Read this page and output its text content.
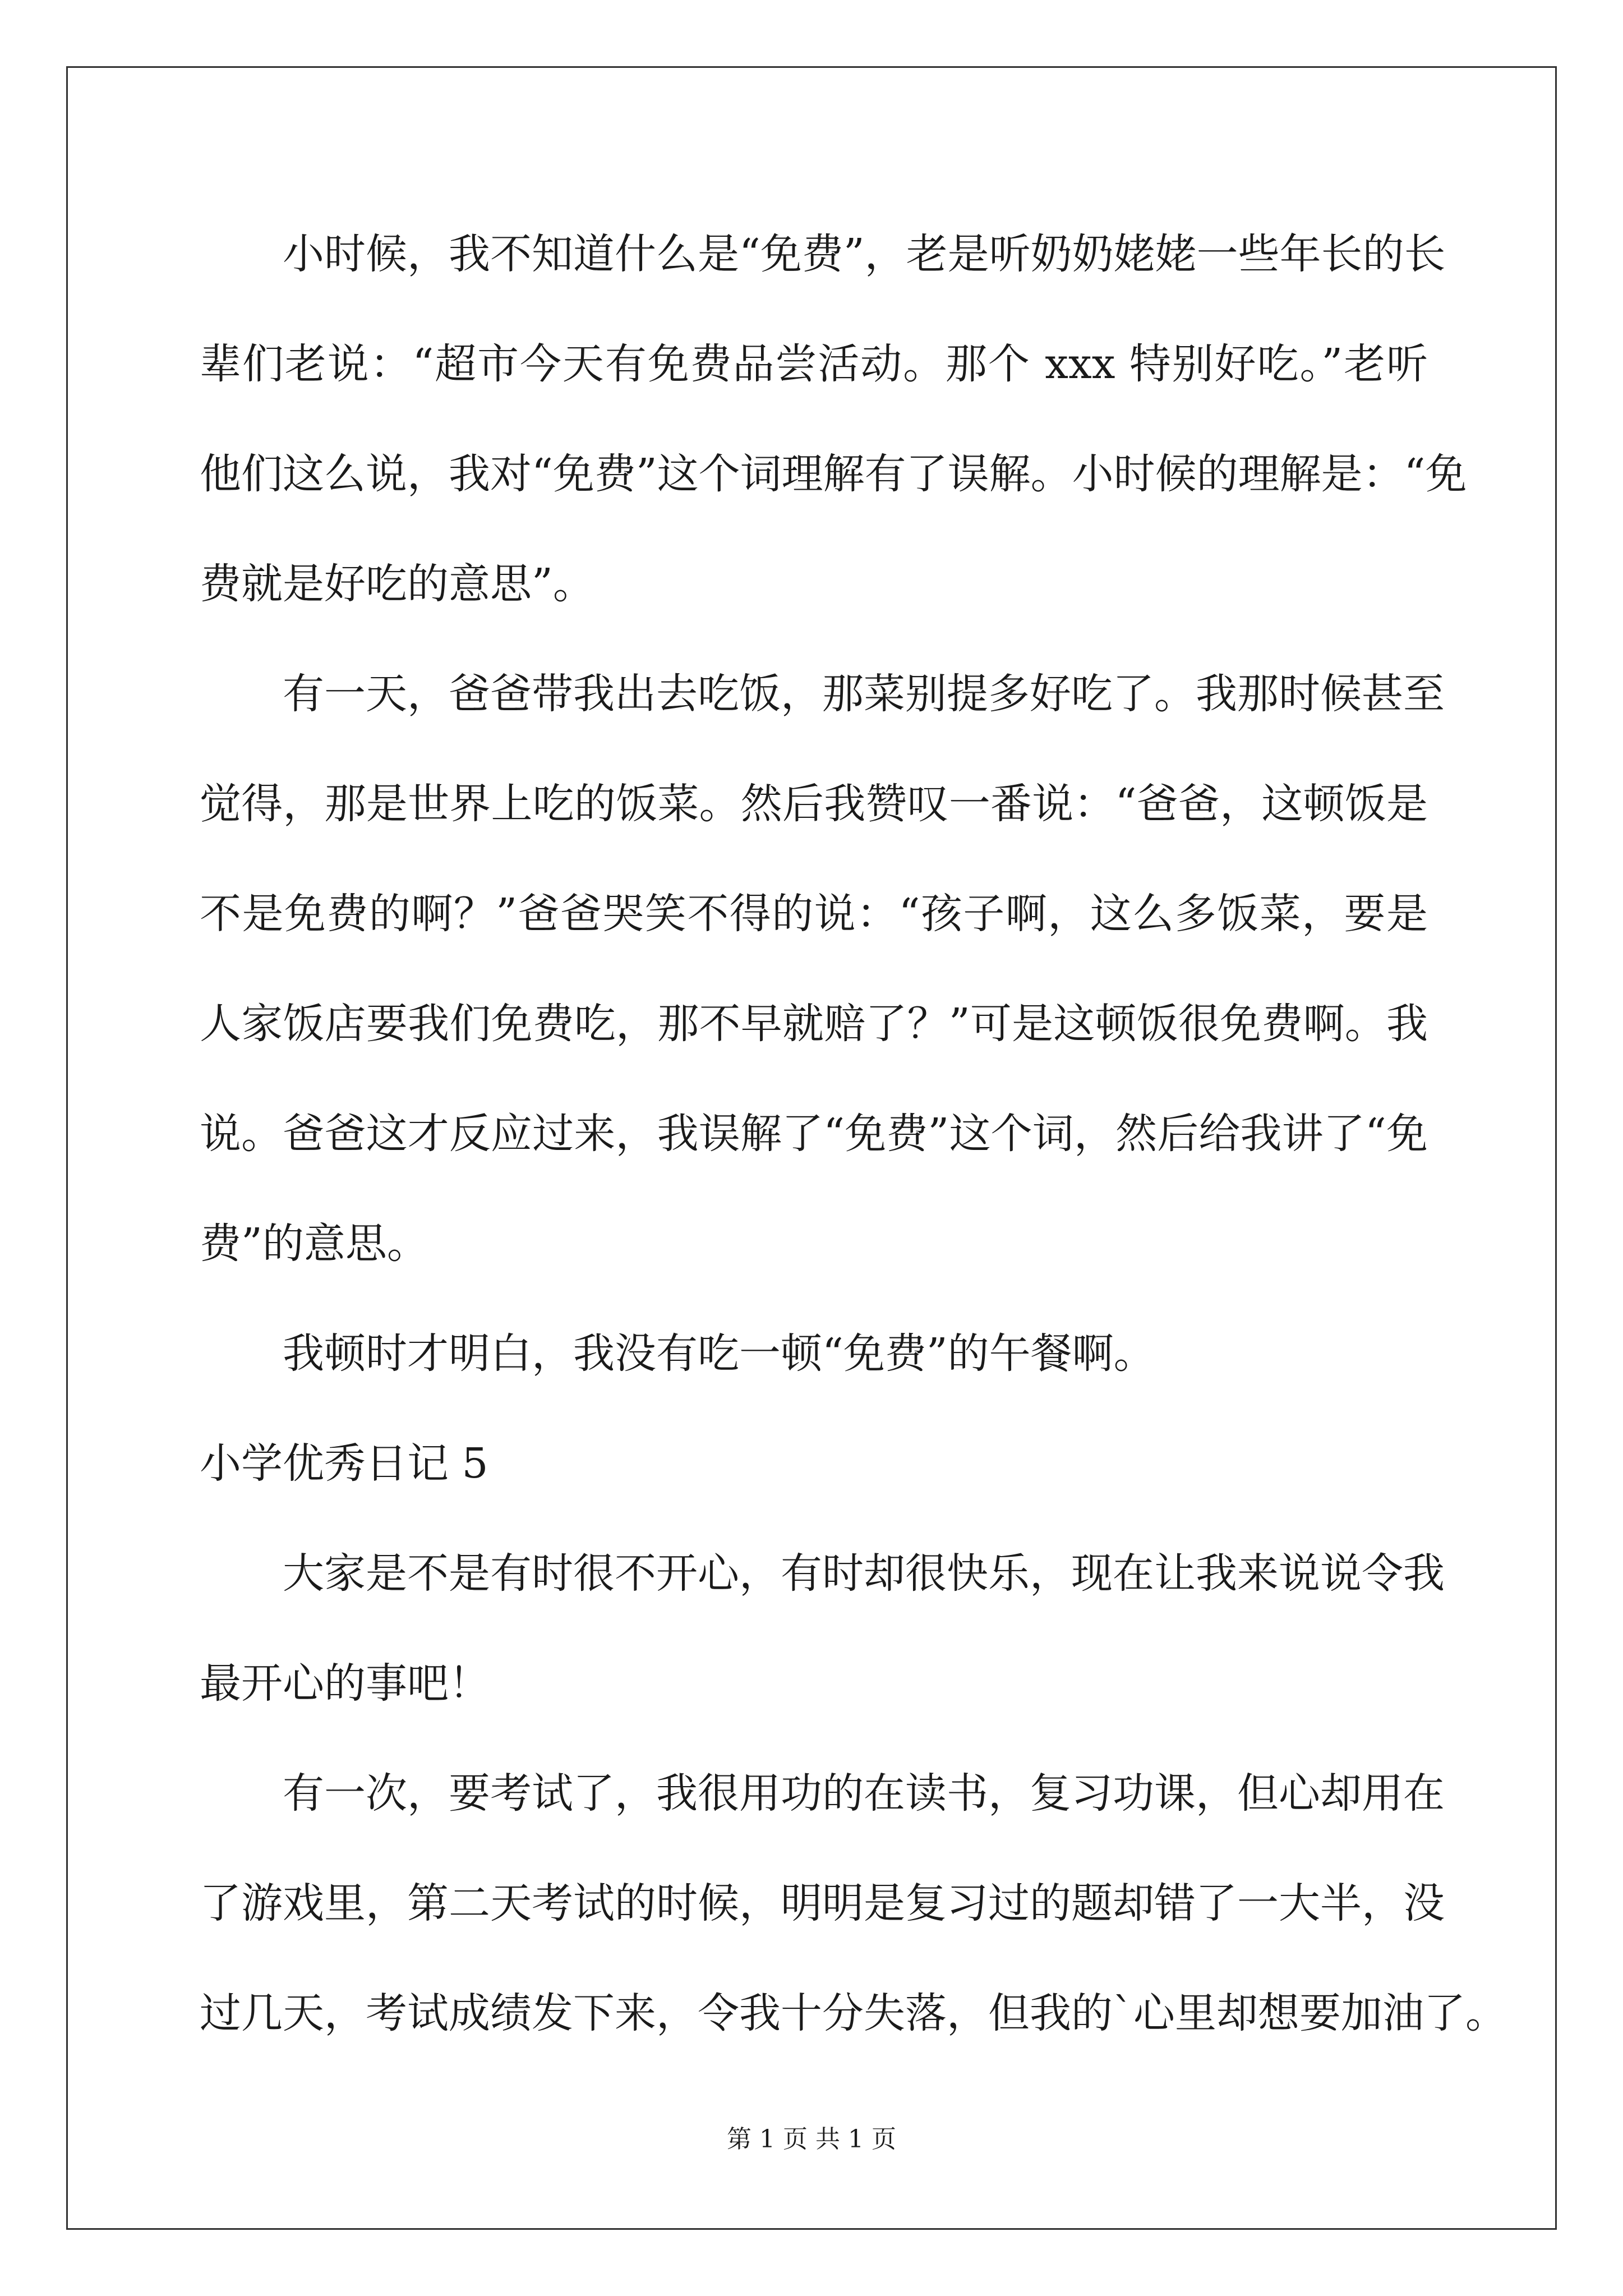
小时候，我不知道什么是“免费”，老是听奶奶姥姥一些年长的长
辈们老说：“超市今天有免费品尝活动。那个 xxx 特别好吃。”老听
他们这么说，我对“免费”这个词理解有了误解。小时候的理解是：“免
费就是好吃的意思”。
有一天，爸爸带我出去吃饭，那菜别提多好吃了。我那时候甚至
觉得，那是世界上吃的饭菜。然后我赞叹一番说：“爸爸，这顿饭是
不是免费的啊？”爸爸哭笑不得的说：“孩子啊，这么多饭菜，要是
人家饭店要我们免费吃，那不早就赔了？”可是这顿饭很免费啊。我
说。爸爸这才反应过来，我误解了“免费”这个词，然后给我讲了“免
费”的意思。
我顿时才明白，我没有吃一顿“免费”的午餐啊。
小学优秀日记 5
大家是不是有时很不开心，有时却很快乐，现在让我来说说令我
最开心的事吧！
有一次，要考试了，我很用功的在读书，复习功课，但心却用在
了游戏里，第二天考试的时候，明明是复习过的题却错了一大半，没
过几天，考试成绩发下来，令我十分失落，但我的`心里却想要加油了。
第 1 页 共 1 页
